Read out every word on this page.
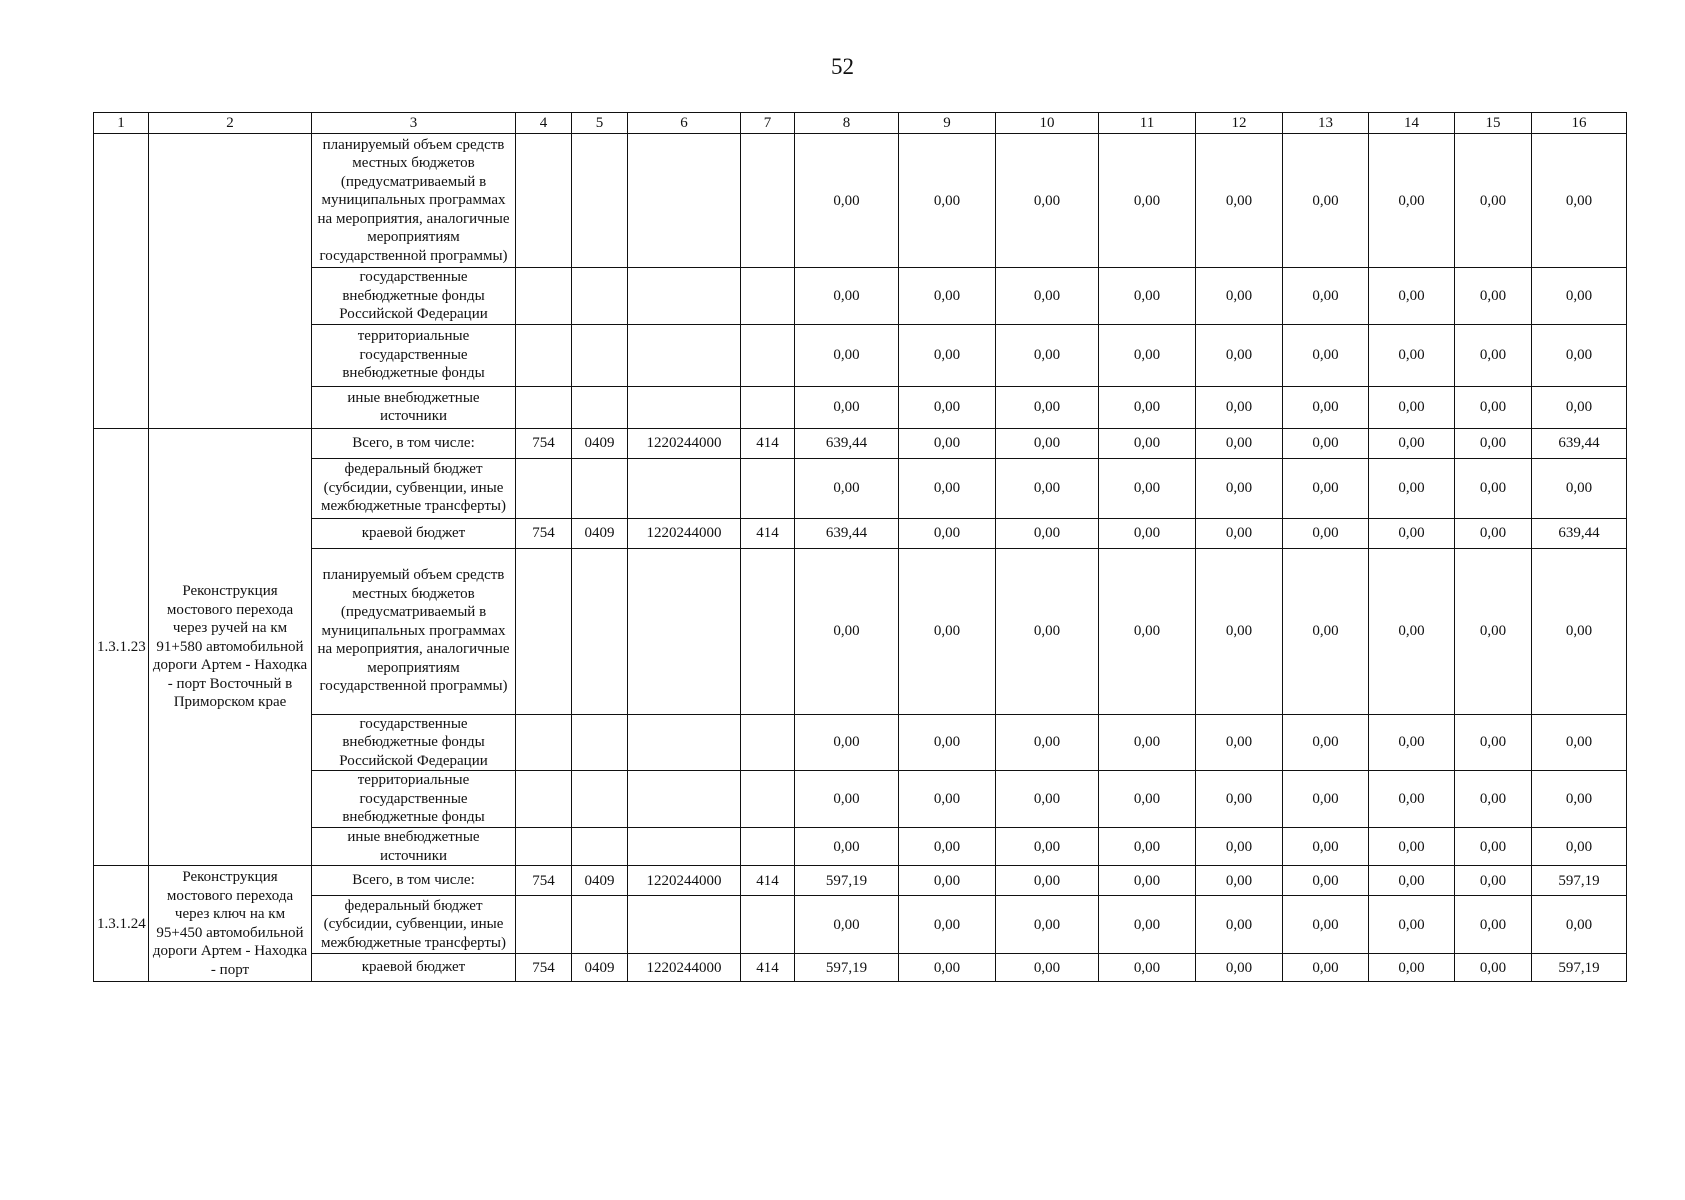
52
1	2	3	4	5	6	7	8	9	10	11	12	13	14	15	16
		планируемый объем средств местных бюджетов (предусматриваемый в муниципальных программах на мероприятия, аналогичные мероприятиям государственной программы)					0,00	0,00	0,00	0,00	0,00	0,00	0,00	0,00	0,00
		государственные внебюджетные фонды Российской Федерации					0,00	0,00	0,00	0,00	0,00	0,00	0,00	0,00	0,00
		территориальные государственные внебюджетные фонды					0,00	0,00	0,00	0,00	0,00	0,00	0,00	0,00	0,00
		иные внебюджетные источники					0,00	0,00	0,00	0,00	0,00	0,00	0,00	0,00	0,00
1.3.1.23	Реконструкция мостового перехода через ручей на км 91+580 автомобильной дороги Артем - Находка - порт Восточный в Приморском крае	Всего, в том числе:	754	0409	1220244000	414	639,44	0,00	0,00	0,00	0,00	0,00	0,00	0,00	639,44
		федеральный бюджет (субсидии, субвенции, иные межбюджетные трансферты)					0,00	0,00	0,00	0,00	0,00	0,00	0,00	0,00	0,00
		краевой бюджет	754	0409	1220244000	414	639,44	0,00	0,00	0,00	0,00	0,00	0,00	0,00	639,44
		планируемый объем средств местных бюджетов (предусматриваемый в муниципальных программах на мероприятия, аналогичные мероприятиям государственной программы)					0,00	0,00	0,00	0,00	0,00	0,00	0,00	0,00	0,00
		государственные внебюджетные фонды Российской Федерации					0,00	0,00	0,00	0,00	0,00	0,00	0,00	0,00	0,00
		территориальные государственные внебюджетные фонды					0,00	0,00	0,00	0,00	0,00	0,00	0,00	0,00	0,00
		иные внебюджетные источники					0,00	0,00	0,00	0,00	0,00	0,00	0,00	0,00	0,00
1.3.1.24	Реконструкция мостового перехода через ключ на км 95+450 автомобильной дороги Артем - Находка - порт	Всего, в том числе:	754	0409	1220244000	414	597,19	0,00	0,00	0,00	0,00	0,00	0,00	0,00	597,19
		федеральный бюджет (субсидии, субвенции, иные межбюджетные трансферты)					0,00	0,00	0,00	0,00	0,00	0,00	0,00	0,00	0,00
		краевой бюджет	754	0409	1220244000	414	597,19	0,00	0,00	0,00	0,00	0,00	0,00	0,00	597,19
